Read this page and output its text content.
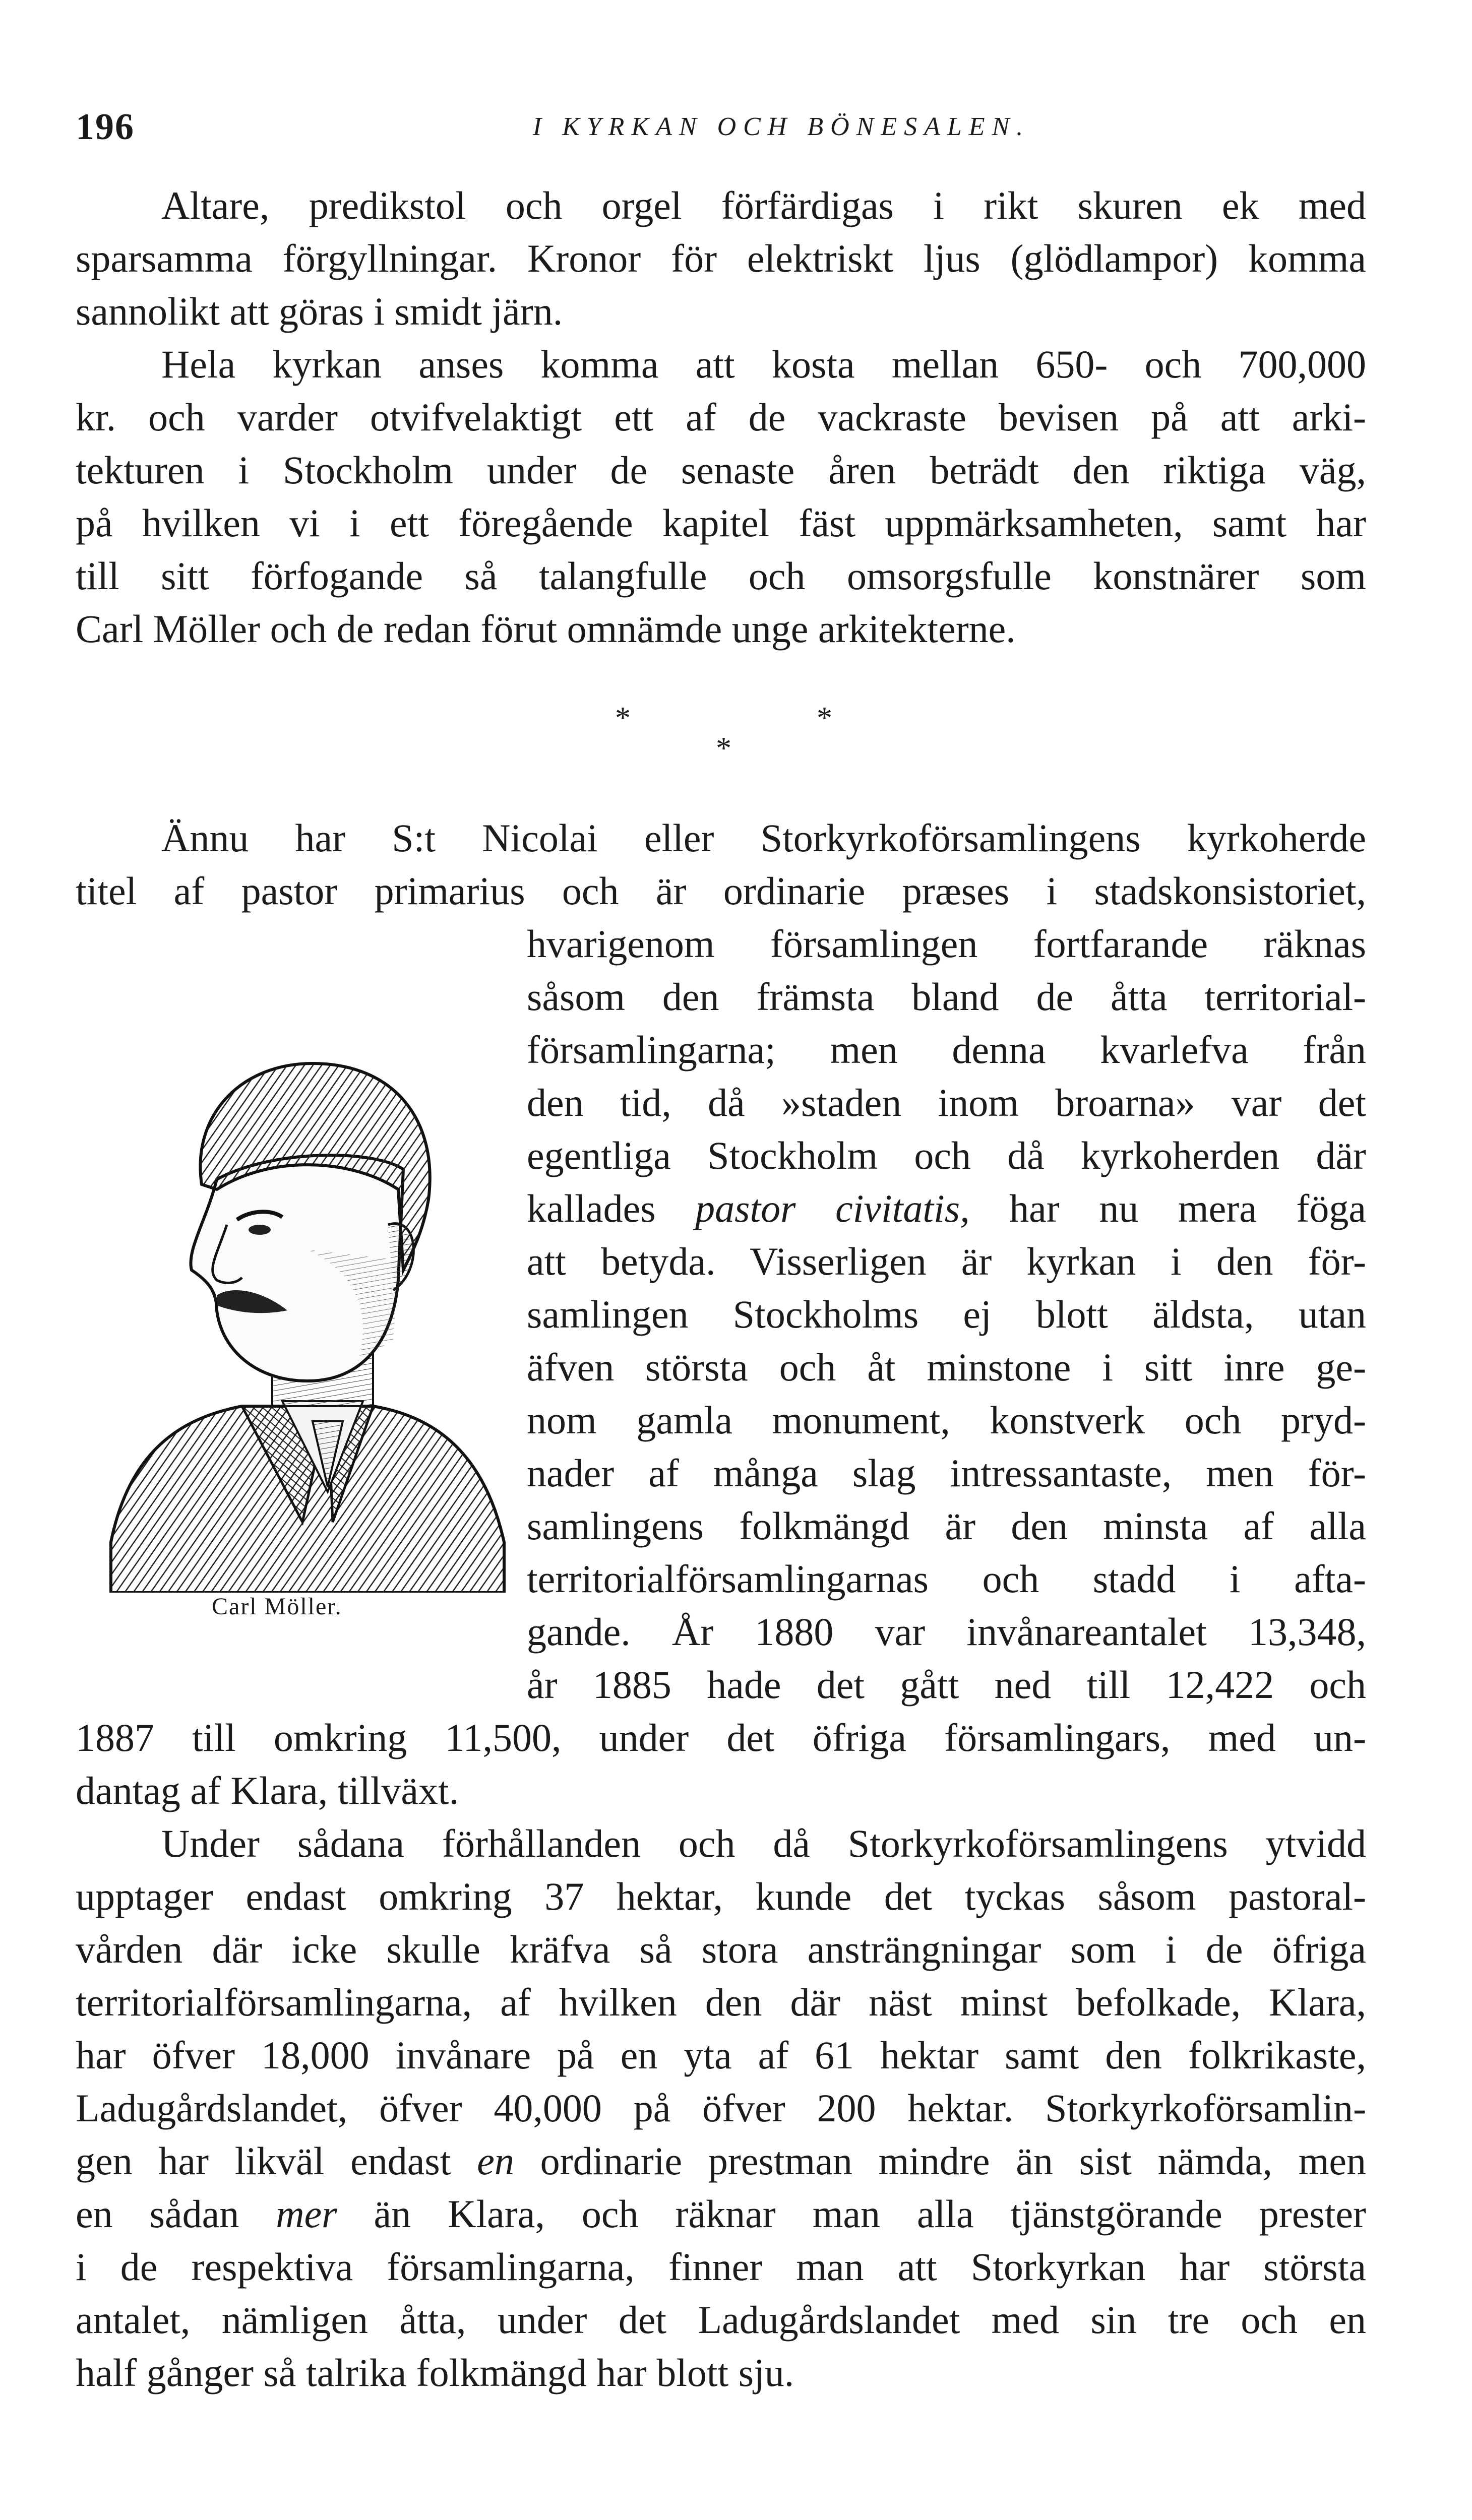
196	I KYRKAN OCH BÖNESALEN.
Altare, predikstol och orgel förfärdigas i rikt skuren ek med
sparsamma förgyllningar. Kronor för elektriskt ljus (glödlampor) komma
sannolikt att göras i smidt järn.
Hela kyrkan anses komma att kosta mellan 650- och 700,000
kr. och varder otvifvelaktigt ett af de vackraste bevisen på att arki-
tekturen i Stockholm under de senaste åren beträdt den riktiga väg,
på hvilken vi i ett föregående kapitel fäst uppmärksamheten, samt har
till sitt förfogande så talangfulle och omsorgsfulle konstnärer som
Carl Möller och de redan förut omnämde unge arkitekterne.
*	*
*
Ännu har S:t Nicolai eller Storkyrkoförsamlingens kyrkoherde
titel af pastor primarius och är ordinarie præses i stadskonsistoriet,
hvarigenom församlingen fortfarande räknas
såsom den främsta bland de åtta territorial-
församlingarna; men denna kvarlefva från
den tid, då »staden inom broarna» var det
egentliga Stockholm och då kyrkoherden där
kallades pastor civitatis, har nu mera föga
att betyda. Visserligen är kyrkan i den för-
samlingen Stockholms ej blott äldsta, utan
äfven största och åt minstone i sitt inre ge-
nom gamla monument, konstverk och pryd-
nader af många slag intressantaste, men för-
samlingens folkmängd är den minsta af alla
territorialförsamlingarnas och stadd i afta-
gande. År 1880 var invånareantalet 13,348,
år 1885 hade det gått ned till 12,422 och
1887 till omkring 11,500, under det öfriga församlingars, med un-
dantag af Klara, tillväxt.
Carl Möller.
Under sådana förhållanden och då Storkyrkoförsamlingens ytvidd
upptager endast omkring 37 hektar, kunde det tyckas såsom pastoral-
vården där icke skulle kräfva så stora ansträngningar som i de öfriga
territorialförsamlingarna, af hvilken den där näst minst befolkade, Klara,
har öfver 18,000 invånare på en yta af 61 hektar samt den folkrikaste,
Ladugårdslandet, öfver 40,000 på öfver 200 hektar. Storkyrkoförsamlin-
gen har likväl endast en ordinarie prestman mindre än sist nämda, men
en sådan mer än Klara, och räknar man alla tjänstgörande prester
i de respektiva församlingarna, finner man att Storkyrkan har största
antalet, nämligen åtta, under det Ladugårdslandet med sin tre och en
half gånger så talrika folkmängd har blott sju.
